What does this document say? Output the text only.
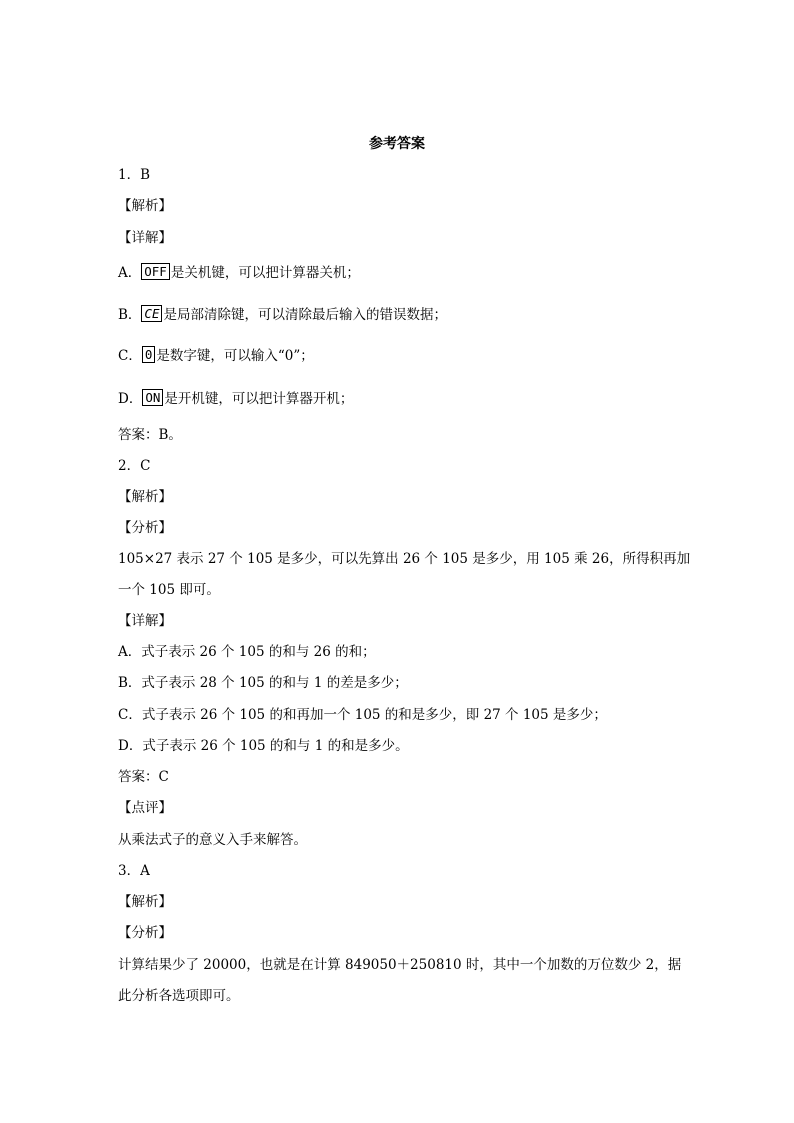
参考答案
1．B
【解析】
【详解】
A． OFF 是关机键，可以把计算器关机；
B． CE 是局部清除键，可以清除最后输入的错误数据；
C． 0 是数字键，可以输入“0”；
D． ON 是开机键，可以把计算器开机；
答案：B。
2．C
【解析】
【分析】
105×27 表示 27 个 105 是多少，可以先算出 26 个 105 是多少，用 105 乘 26，所得积再加
一个 105 即可。
【详解】
A．式子表示 26 个 105 的和与 26 的和；
B．式子表示 28 个 105 的和与 1 的差是多少；
C．式子表示 26 个 105 的和再加一个 105 的和是多少，即 27 个 105 是多少；
D．式子表示 26 个 105 的和与 1 的和是多少。
答案：C
【点评】
从乘法式子的意义入手来解答。
3．A
【解析】
【分析】
计算结果少了 20000，也就是在计算 849050＋250810 时，其中一个加数的万位数少 2，据
此分析各选项即可。
